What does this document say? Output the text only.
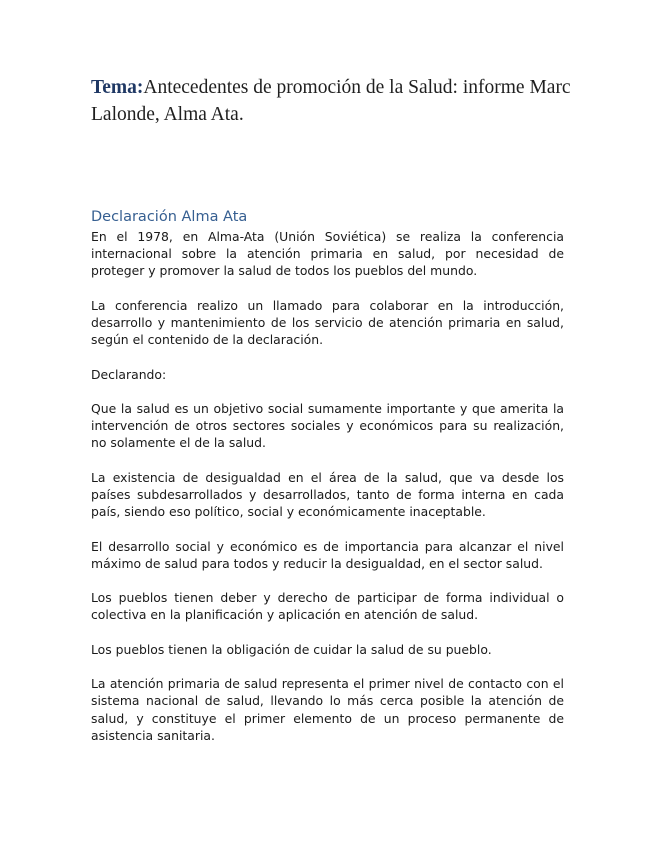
Tema:Antecedentes de promoción de la Salud: informe Marc Lalonde, Alma Ata.
Declaración Alma Ata

En el 1978, en Alma-Ata (Unión Soviética) se realiza la conferencia internacional sobre la atención primaria en salud, por necesidad de proteger y promover la salud de todos los pueblos del mundo.

La conferencia realizo un llamado para colaborar en la introducción, desarrollo y mantenimiento de los servicio de atención primaria en salud, según el contenido de la declaración.

Declarando:

Que la salud es un objetivo social sumamente importante y que amerita la intervención de otros sectores sociales y económicos para su realización, no solamente el de la salud.

La existencia de desigualdad en el área de la salud, que va desde los países subdesarrollados y desarrollados, tanto de forma interna en cada país, siendo eso político, social y económicamente inaceptable.

El desarrollo social y económico es de importancia para alcanzar el nivel máximo de salud para todos y reducir la desigualdad, en el sector salud.

Los pueblos tienen deber y derecho de participar de forma individual o colectiva en la planificación y aplicación en atención de salud.

Los pueblos tienen la obligación de cuidar la salud de su pueblo.

La atención primaria de salud representa el primer nivel de contacto con el sistema nacional de salud, llevando lo más cerca posible la atención de salud, y constituye el primer elemento de un proceso permanente de asistencia sanitaria.
